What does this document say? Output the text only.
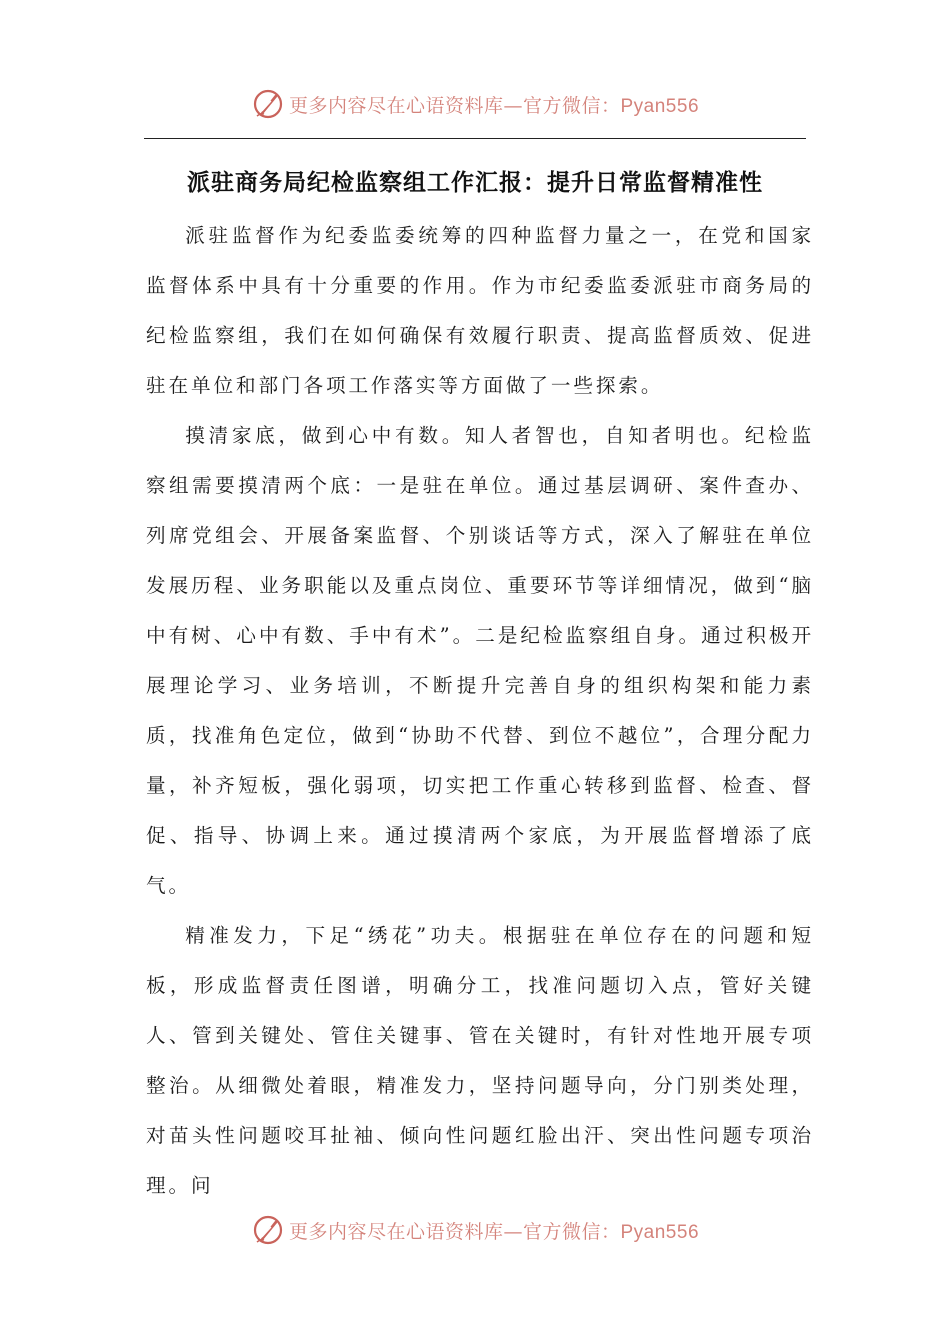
更多内容尽在心语资料库—官方微信：Pyan556
派驻商务局纪检监察组工作汇报：提升日常监督精准性

派驻监督作为纪委监委统筹的四种监督力量之一，在党和国家监督体系中具有十分重要的作用。作为市纪委监委派驻市商务局的纪检监察组，我们在如何确保有效履行职责、提高监督质效、促进驻在单位和部门各项工作落实等方面做了一些探索。

摸清家底，做到心中有数。知人者智也，自知者明也。纪检监察组需要摸清两个底：一是驻在单位。通过基层调研、案件查办、列席党组会、开展备案监督、个别谈话等方式，深入了解驻在单位发展历程、业务职能以及重点岗位、重要环节等详细情况，做到“脑中有树、心中有数、手中有术”。二是纪检监察组自身。通过积极开展理论学习、业务培训，不断提升完善自身的组织构架和能力素质，找准角色定位，做到“协助不代替、到位不越位”，合理分配力量，补齐短板，强化弱项，切实把工作重心转移到监督、检查、督促、指导、协调上来。通过摸清两个家底，为开展监督增添了底气。

精准发力，下足“绣花”功夫。根据驻在单位存在的问题和短板，形成监督责任图谱，明确分工，找准问题切入点，管好关键人、管到关键处、管住关键事、管在关键时，有针对性地开展专项整治。从细微处着眼，精准发力，坚持问题导向，分门别类处理，对苗头性问题咬耳扯袖、倾向性问题红脸出汗、突出性问题专项治理。问

更多内容尽在心语资料库—官方微信：Pyan556
